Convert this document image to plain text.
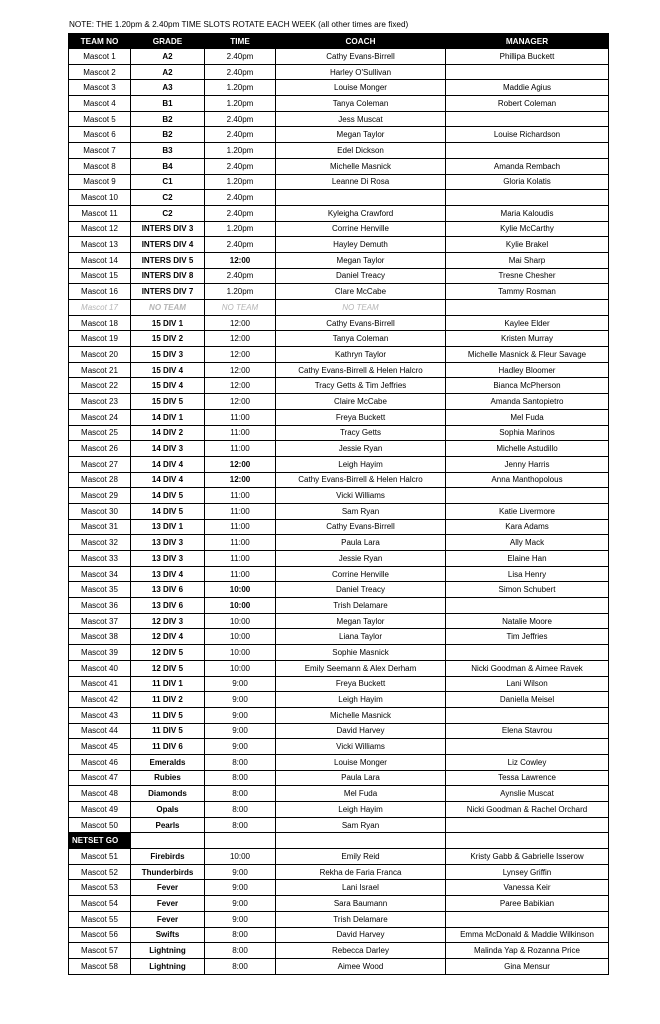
NOTE: THE 1.20pm & 2.40pm TIME SLOTS ROTATE EACH WEEK (all other times are fixed)
TEAM NO	GRADE	TIME	COACH	MANAGER
Mascot 1	A2	2.40pm	Cathy Evans-Birrell	Phillipa Buckett
Mascot 2	A2	2.40pm	Harley O'Sullivan	
Mascot 3	A3	1.20pm	Louise Monger	Maddie Agius
Mascot 4	B1	1.20pm	Tanya Coleman	Robert Coleman
Mascot 5	B2	2.40pm	Jess Muscat	
Mascot 6	B2	2.40pm	Megan Taylor	Louise Richardson
Mascot 7	B3	1.20pm	Edel Dickson	
Mascot 8	B4	2.40pm	Michelle Masnick	Amanda Rembach
Mascot 9	C1	1.20pm	Leanne Di Rosa	Gloria Kolatis
Mascot 10	C2	2.40pm		
Mascot 11	C2	2.40pm	Kyleigha Crawford	Maria Kaloudis
Mascot 12	INTERS DIV 3	1.20pm	Corrine Henville	Kylie McCarthy
Mascot 13	INTERS DIV 4	2.40pm	Hayley Demuth	Kylie Brakel
Mascot 14	INTERS DIV 5	12:00	Megan Taylor	Mai Sharp
Mascot 15	INTERS DIV 8	2.40pm	Daniel Treacy	Tresne Chesher
Mascot 16	INTERS DIV 7	1.20pm	Clare McCabe	Tammy Rosman
Mascot 17	NO TEAM	NO TEAM	NO TEAM	
Mascot 18	15 DIV 1	12:00	Cathy Evans-Birrell	Kaylee Elder
Mascot 19	15 DIV 2	12:00	Tanya Coleman	Kristen Murray
Mascot 20	15 DIV 3	12:00	Kathryn Taylor	Michelle Masnick & Fleur Savage
Mascot 21	15 DIV 4	12:00	Cathy Evans-Birrell & Helen Halcro	Hadley Bloomer
Mascot 22	15 DIV 4	12:00	Tracy Getts & Tim Jeffries	Bianca McPherson
Mascot 23	15 DIV 5	12:00	Claire McCabe	Amanda Santopietro
Mascot 24	14 DIV 1	11:00	Freya Buckett	Mel Fuda
Mascot 25	14 DIV 2	11:00	Tracy Getts	Sophia Marinos
Mascot 26	14 DIV 3	11:00	Jessie Ryan	Michelle Astudillo
Mascot 27	14 DIV 4	12:00	Leigh Hayim	Jenny Harris
Mascot 28	14 DIV 4	12:00	Cathy Evans-Birrell & Helen Halcro	Anna Manthopolous
Mascot 29	14 DIV 5	11:00	Vicki Williams	
Mascot 30	14 DIV 5	11:00	Sam Ryan	Katie Livermore
Mascot 31	13 DIV 1	11:00	Cathy Evans-Birrell	Kara Adams
Mascot 32	13 DIV 3	11:00	Paula Lara	Ally Mack
Mascot 33	13 DIV 3	11:00	Jessie Ryan	Elaine Han
Mascot 34	13 DIV 4	11:00	Corrine Henville	Lisa Henry
Mascot 35	13 DIV 6	10:00	Daniel Treacy	Simon Schubert
Mascot 36	13 DIV 6	10:00	Trish Delamare	
Mascot 37	12 DIV 3	10:00	Megan Taylor	Natalie Moore
Mascot 38	12 DIV 4	10:00	Liana Taylor	Tim Jeffries
Mascot 39	12 DIV 5	10:00	Sophie Masnick	
Mascot 40	12 DIV 5	10:00	Emily Seemann & Alex Derham	Nicki Goodman & Aimee Ravek
Mascot 41	11 DIV 1	9:00	Freya Buckett	Lani Wilson
Mascot 42	11 DIV 2	9:00	Leigh Hayim	Daniella Meisel
Mascot 43	11 DIV 5	9:00	Michelle Masnick	
Mascot 44	11 DIV 5	9:00	David Harvey	Elena Stavrou
Mascot 45	11 DIV 6	9:00	Vicki Williams	
Mascot 46	Emeralds	8:00	Louise Monger	Liz Cowley
Mascot 47	Rubies	8:00	Paula Lara	Tessa Lawrence
Mascot 48	Diamonds	8:00	Mel Fuda	Aynslie Muscat
Mascot 49	Opals	8:00	Leigh Hayim	Nicki Goodman & Rachel Orchard
Mascot 50	Pearls	8:00	Sam Ryan	
NETSET GO				
Mascot 51	Firebirds	10:00	Emily Reid	Kristy Gabb & Gabrielle Isserow
Mascot 52	Thunderbirds	9:00	Rekha de Faria Franca	Lynsey Griffin
Mascot 53	Fever	9:00	Lani Israel	Vanessa Keir
Mascot 54	Fever	9:00	Sara Baumann	Paree Babikian
Mascot 55	Fever	9:00	Trish Delamare	
Mascot 56	Swifts	8:00	David Harvey	Emma McDonald & Maddie Wilkinson
Mascot 57	Lightning	8:00	Rebecca Darley	Malinda Yap & Rozanna Price
Mascot 58	Lightning	8:00	Aimee Wood	Gina Mensur
